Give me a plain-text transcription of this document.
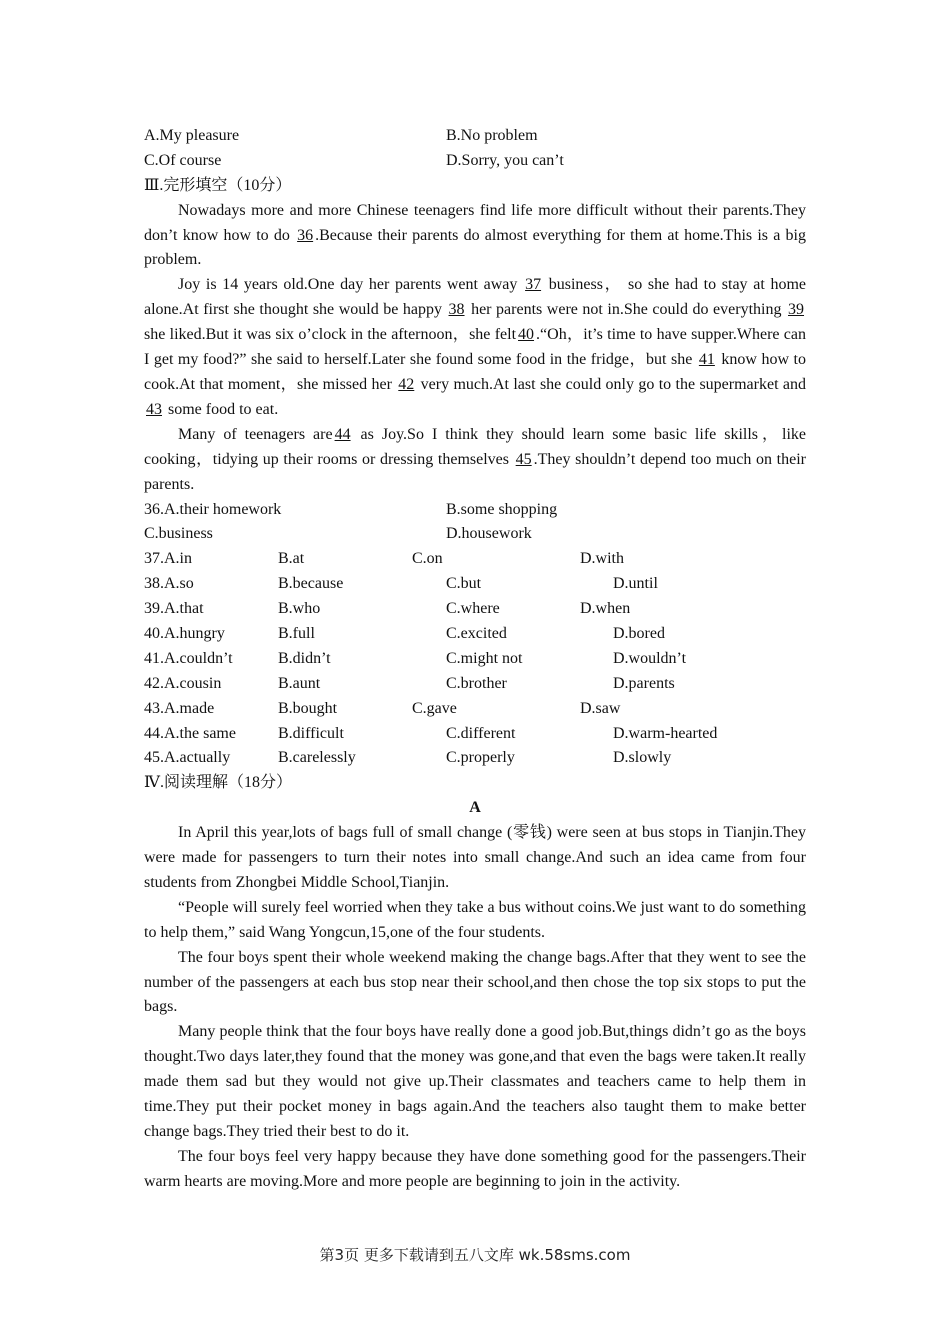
A.My pleasure	B.No problem
C.Of course	D.Sorry, you can’t
Ⅲ.完形填空（10分）

Nowadays more and more Chinese teenagers find life more difficult without their parents.They don’t know how to do 36 .Because their parents do almost everything for them at home.This is a big problem.

Joy is 14 years old.One day her parents went away 37 business， so she had to stay at home alone.At first she thought she would be happy 38 her parents were not in.She could do everything 39 she liked.But it was six o’clock in the afternoon，she felt 40 .“Oh，it’s time to have supper.Where can I get my food?” she said to herself.Later she found some food in the fridge，but she 41 know how to cook.At that moment，she missed her 42 very much.At last she could only go to the supermarket and 43 some food to eat.

Many of teenagers are 44 as Joy.So I think they should learn some basic life skills，like cooking，tidying up their rooms or dressing themselves 45 .They shouldn’t depend too much on their parents.

36.A.their homework	B.some shopping
C.business	D.housework
37.A.in	B.at	C.on	D.with
38.A.so	B.because	C.but	D.until
39.A.that	B.who	C.where	D.when
40.A.hungry	B.full	C.excited	D.bored
41.A.couldn’t	B.didn’t	C.might not	D.wouldn’t
42.A.cousin	B.aunt	C.brother	D.parents
43.A.made	B.bought	C.gave	D.saw
44.A.the same	B.difficult	C.different	D.warm-hearted
45.A.actually	B.carelessly	C.properly	D.slowly
Ⅳ.阅读理解（18分）
A

In April this year,lots of bags full of small change (零钱) were seen at bus stops in Tianjin.They were made for passengers to turn their notes into small change.And such an idea came from four students from Zhongbei Middle School,Tianjin.

“People will surely feel worried when they take a bus without coins.We just want to do something to help them,” said Wang Yongcun,15,one of the four students.

The four boys spent their whole weekend making the change bags.After that they went to see the number of the passengers at each bus stop near their school,and then chose the top six stops to put the bags.

Many people think that the four boys have really done a good job.But,things didn’t go as the boys thought.Two days later,they found that the money was gone,and that even the bags were taken.It really made them sad but they would not give up.Their classmates and teachers came to help them in time.They put their pocket money in bags again.And the teachers also taught them to make better change bags.They tried their best to do it.

The four boys feel very happy because they have done something good for the passengers.Their warm hearts are moving.More and more people are beginning to join in the activity.

第3页 更多下载请到五八文库 wk.58sms.com
